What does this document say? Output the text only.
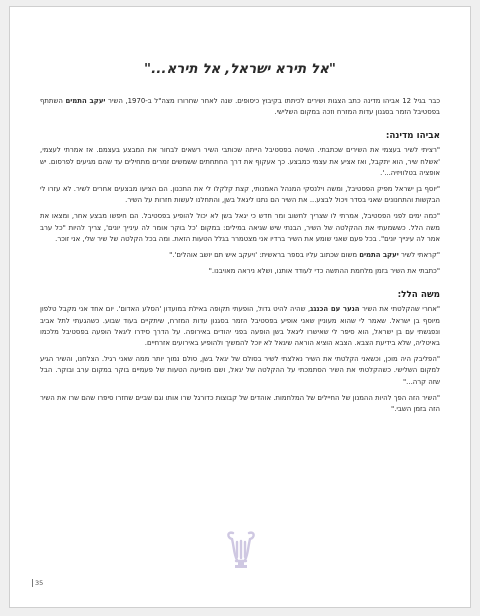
"אל תירא ישראל, אל תירא..."

כבר בגיל 12 אביהו מדינה כתב הצגות ושירים לכיתתו בקיבוץ כיסופים. שנה לאחר שחרורו מצה"ל ב-1970, השיר יעקב התמים השתתף בפסטיבל הזמר בסגנון עדות המזרח וזכה במקום השלישי.

אביהו מדינה:

"רציתי לשיר בעצמי את השירים שכתבתי. השיטה בפסטיבל הייתה שכותבי השיר רשאים לבחור את המבצע בעצמם. אז אמרתי לעצמי, 'אשלח שיר, הוא יתקבל, ואז אציע את עצמי כמבצע. כך אעקוף את דרך החתחתים ששמשים זמרים מתחילים עד שהם מגיעים לפרסום. יש אופציה בטלוויזיה...'.

"יוסף בן ישראל מפיק הפסטיבל, ומשה וילנסקי המנהל האמנותי, קצת קלקלו לי את התכנון. הם הציעו מבצעים אחרים לשיר. לא עזרו לי הבקשות והתחנונים שאני בסדר ויכול לבצע... את השיר הם נתנו ליגאל בשן, והתחלנו לעשות חזרות על השיר.

"כמה ימים לפני הפסטיבל, אמרתי לו שצריך לחשוב ומר חדש כי יגאל בשן לא יכול להופיע בפסטיבל. הם חיפשו מבצע אחר, ומצאו את משה הלל. כששמעתי את ההקלטה של השיר, הבנתי שיש שגיאה במילים: במקום 'כל בוקר אומר לה עינייך יונים', צריך להיות "כל ערב אמר לה עינייך יונים". בכל פעם שאני שומע את השיר ברדיו אני מצטמרר בגלל הטעות הזאת. ומה בכל הקלטה של שיר שלי, אני זוכר.

"קראתי לשיר יעקב התמים משום שכתוב עליו בספר בראשית: 'ויעקב איש תם יושב אוהלים'."

"כתבתי את השיר בזמן מלחמת ההתשה כדי לעודד אותנו, ושלא ניראה מאויבנו."

משה הלל:

"אחרי שהקלטתי את השיר הנער עם הכנגג, שהיה להיט גדול, הופעתי תקופה באילת במועדון 'הסלע האדום'. יום אחד אני מקבל טלפון מיוסף בן ישראל. שאמר לי שהוא מעוניין שאני אופיע בפסטיבל הזמר בסגנון עדות המזרח, שיתקיים בעוד שבוע. כשהגעתי לתל אביב ונפגשתי עם בן ישראל, הוא סיפר לי שאישרו ליגאל בשן הופעה בפני יהודים באירופה. על הדרך סידרו ליגאל הופעה בפסטיבל מלכמו באיטליה, שלא בידיעת הצבא. הצבא הוציא הוראה שיגאל לא יוכל להמשיך ולהופיע באירועים אזרחיים.

"הפליבק היה מוכן, וכשאני הקלטתי את השיר נאלצתי לשיר בסולם של יגאל בשן, סולם נמוך יותר ממה שאני רגיל. הצלחנו, והשיר הגיע למקום השלישי. כשהקלטתי את השיר הסתמכתי על ההקלטה של יגאל, ושם מופיעה הטעות של פעמיים בוקר במקום ערב ובוקר. הבל שזה קרה..."

"השיר הזה הפך להיות ההמנון של החיילים של המלחמות. אוהדים של קבוצות כדורגל שרו אותו וגם שביים שחזרו סיפרו שהם שרו את השיר הזה בזמן השבי."

35
